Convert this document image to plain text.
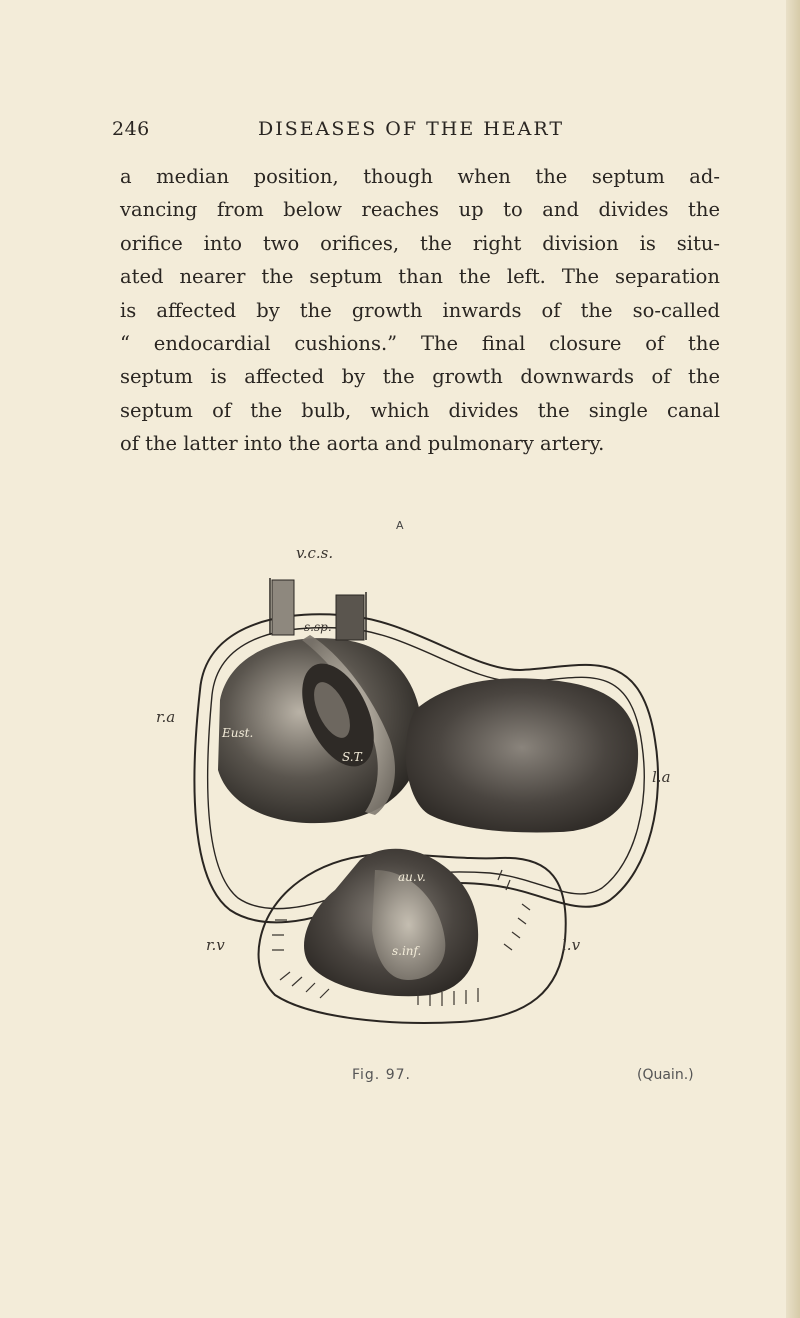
246	DISEASES OF THE HEART
a median position, though when the septum ad-
vancing from below reaches up to and divides the
orifice into two orifices, the right division is situ-
ated nearer the septum than the left. The separation
is affected by the growth inwards of the so-called
“ endocardial cushions.” The final closure of the
septum is affected by the growth downwards of the
septum of the bulb, which divides the single canal
of the latter into the aorta and pulmonary artery.
A
v.c.s.
s.sp.
s.s.
r.a
Eust.
S.T.
l.a
au.v.
r.v	s.inf.	l.v
Fig. 97.	(Quain.)
